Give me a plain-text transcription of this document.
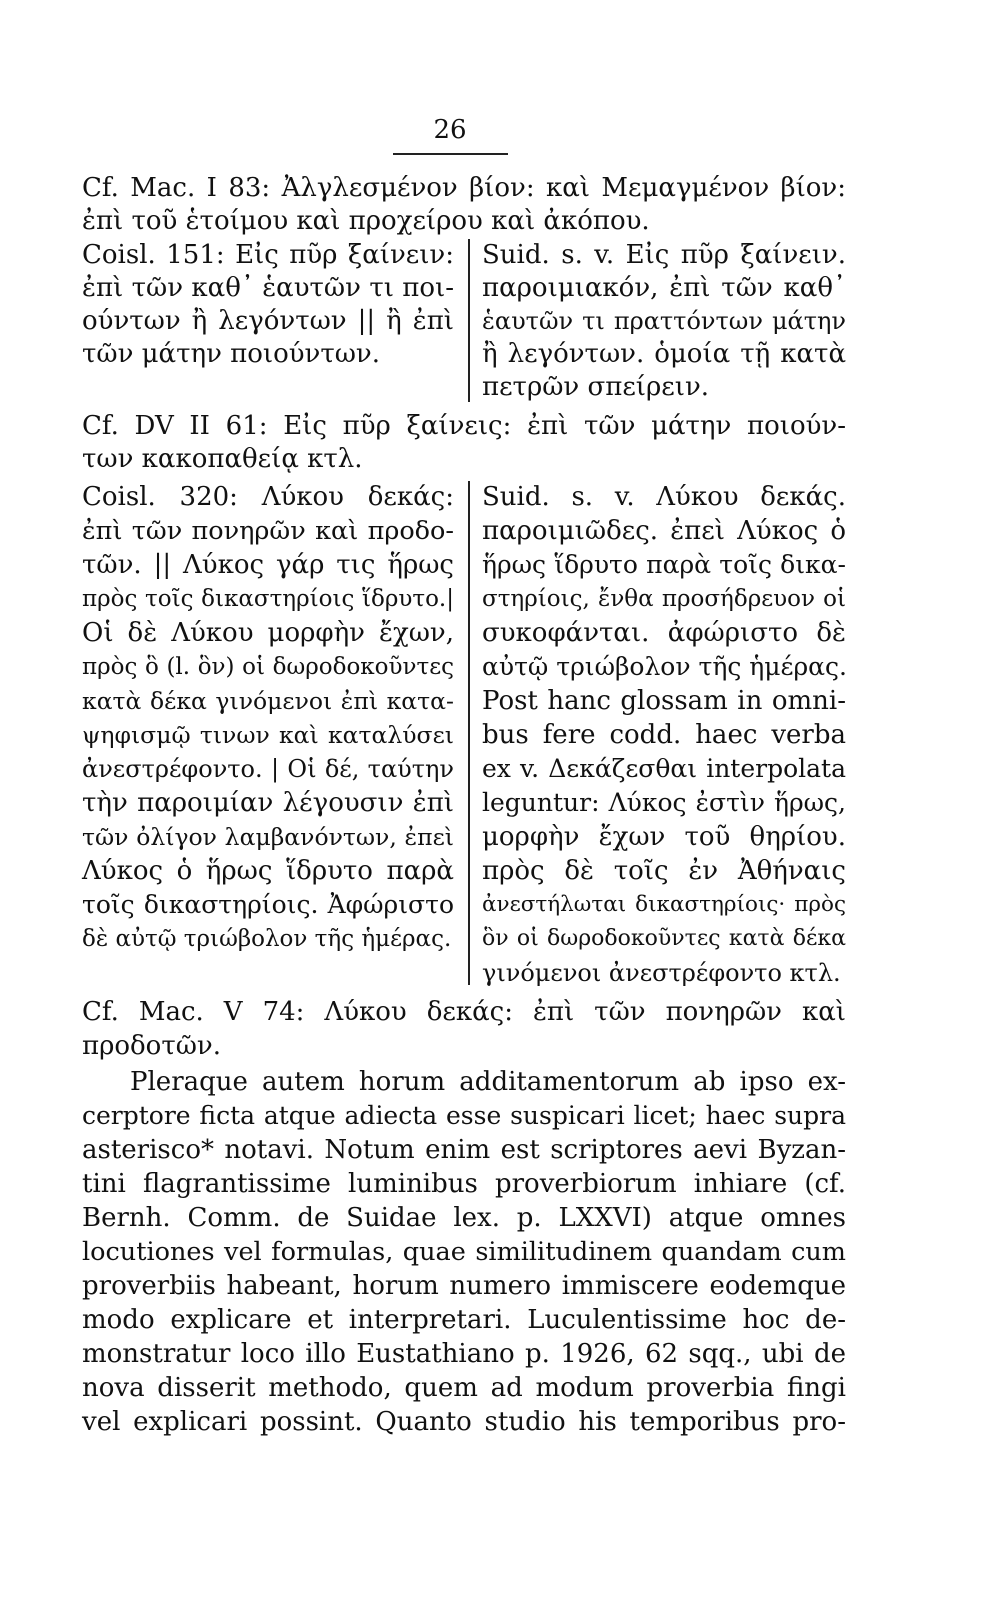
26
Cf. Mac. I 83: Ἀλγλεσμένον βίον: καὶ Μεμαγμένον βίον:
ἐπὶ τοῦ ἑτοίμου καὶ προχείρου καὶ ἀκόπου.
Coisl. 151: Εἰς πῦρ ξαίνειν:
ἐπὶ τῶν καθ᾽ ἑαυτῶν τι ποι-
ούντων ἢ λεγόντων || ἢ ἐπὶ
τῶν μάτην ποιούντων.
Suid. s. v. Εἰς πῦρ ξαίνειν.
παροιμιακόν, ἐπὶ τῶν καθ᾽
ἑαυτῶν τι πραττόντων μάτην
ἢ λεγόντων. ὁμοία τῇ κατὰ
πετρῶν σπείρειν.
Cf. DV II 61: Εἰς πῦρ ξαίνεις: ἐπὶ τῶν μάτην ποιούν-
των κακοπαθείᾳ κτλ.
Coisl. 320: Λύκου δεκάς:
ἐπὶ τῶν πονηρῶν καὶ προδο-
τῶν. || Λύκος γάρ τις ἥρως
πρὸς τοῖς δικαστηρίοις ἵδρυτο.|
Οἱ δὲ Λύκου μορφὴν ἔχων,
πρὸς ὃ (l. ὃν) οἱ δωροδοκοῦντες
κατὰ δέκα γινόμενοι ἐπὶ κατα-
ψηφισμῷ τινων καὶ καταλύσει
ἀνεστρέφοντο. | Οἱ δέ, ταύτην
τὴν παροιμίαν λέγουσιν ἐπὶ
τῶν ὀλίγον λαμβανόντων, ἐπεὶ
Λύκος ὁ ἥρως ἵδρυτο παρὰ
τοῖς δικαστηρίοις. Ἀφώριστο
δὲ αὐτῷ τριώβολον τῆς ἡμέρας.
Suid. s. v. Λύκου δεκάς.
παροιμιῶδες. ἐπεὶ Λύκος ὁ
ἥρως ἵδρυτο παρὰ τοῖς δικα-
στηρίοις, ἔνθα προσήδρευον οἱ
συκοφάνται. ἀφώριστο δὲ
αὐτῷ τριώβολον τῆς ἡμέρας.
Post hanc glossam in omni-
bus fere codd. haec verba
ex v. Δεκάζεσθαι interpolata
leguntur: Λύκος ἐστὶν ἥρως,
μορφὴν ἔχων τοῦ θηρίου.
πρὸς δὲ τοῖς ἐν Ἀθήναις
ἀνεστήλωται δικαστηρίοις· πρὸς
ὃν οἱ δωροδοκοῦντες κατὰ δέκα
γινόμενοι ἀνεστρέφοντο κτλ.
Cf. Mac. V 74: Λύκου δεκάς: ἐπὶ τῶν πονηρῶν καὶ
προδοτῶν.
Pleraque autem horum additamentorum ab ipso ex-
cerptore ficta atque adiecta esse suspicari licet; haec supra
asterisco* notavi. Notum enim est scriptores aevi Byzan-
tini flagrantissime luminibus proverbiorum inhiare (cf.
Bernh. Comm. de Suidae lex. p. LXXVI) atque omnes
locutiones vel formulas, quae similitudinem quandam cum
proverbiis habeant, horum numero immiscere eodemque
modo explicare et interpretari. Luculentissime hoc de-
monstratur loco illo Eustathiano p. 1926, 62 sqq., ubi de
nova disserit methodo, quem ad modum proverbia fingi
vel explicari possint. Quanto studio his temporibus pro-
